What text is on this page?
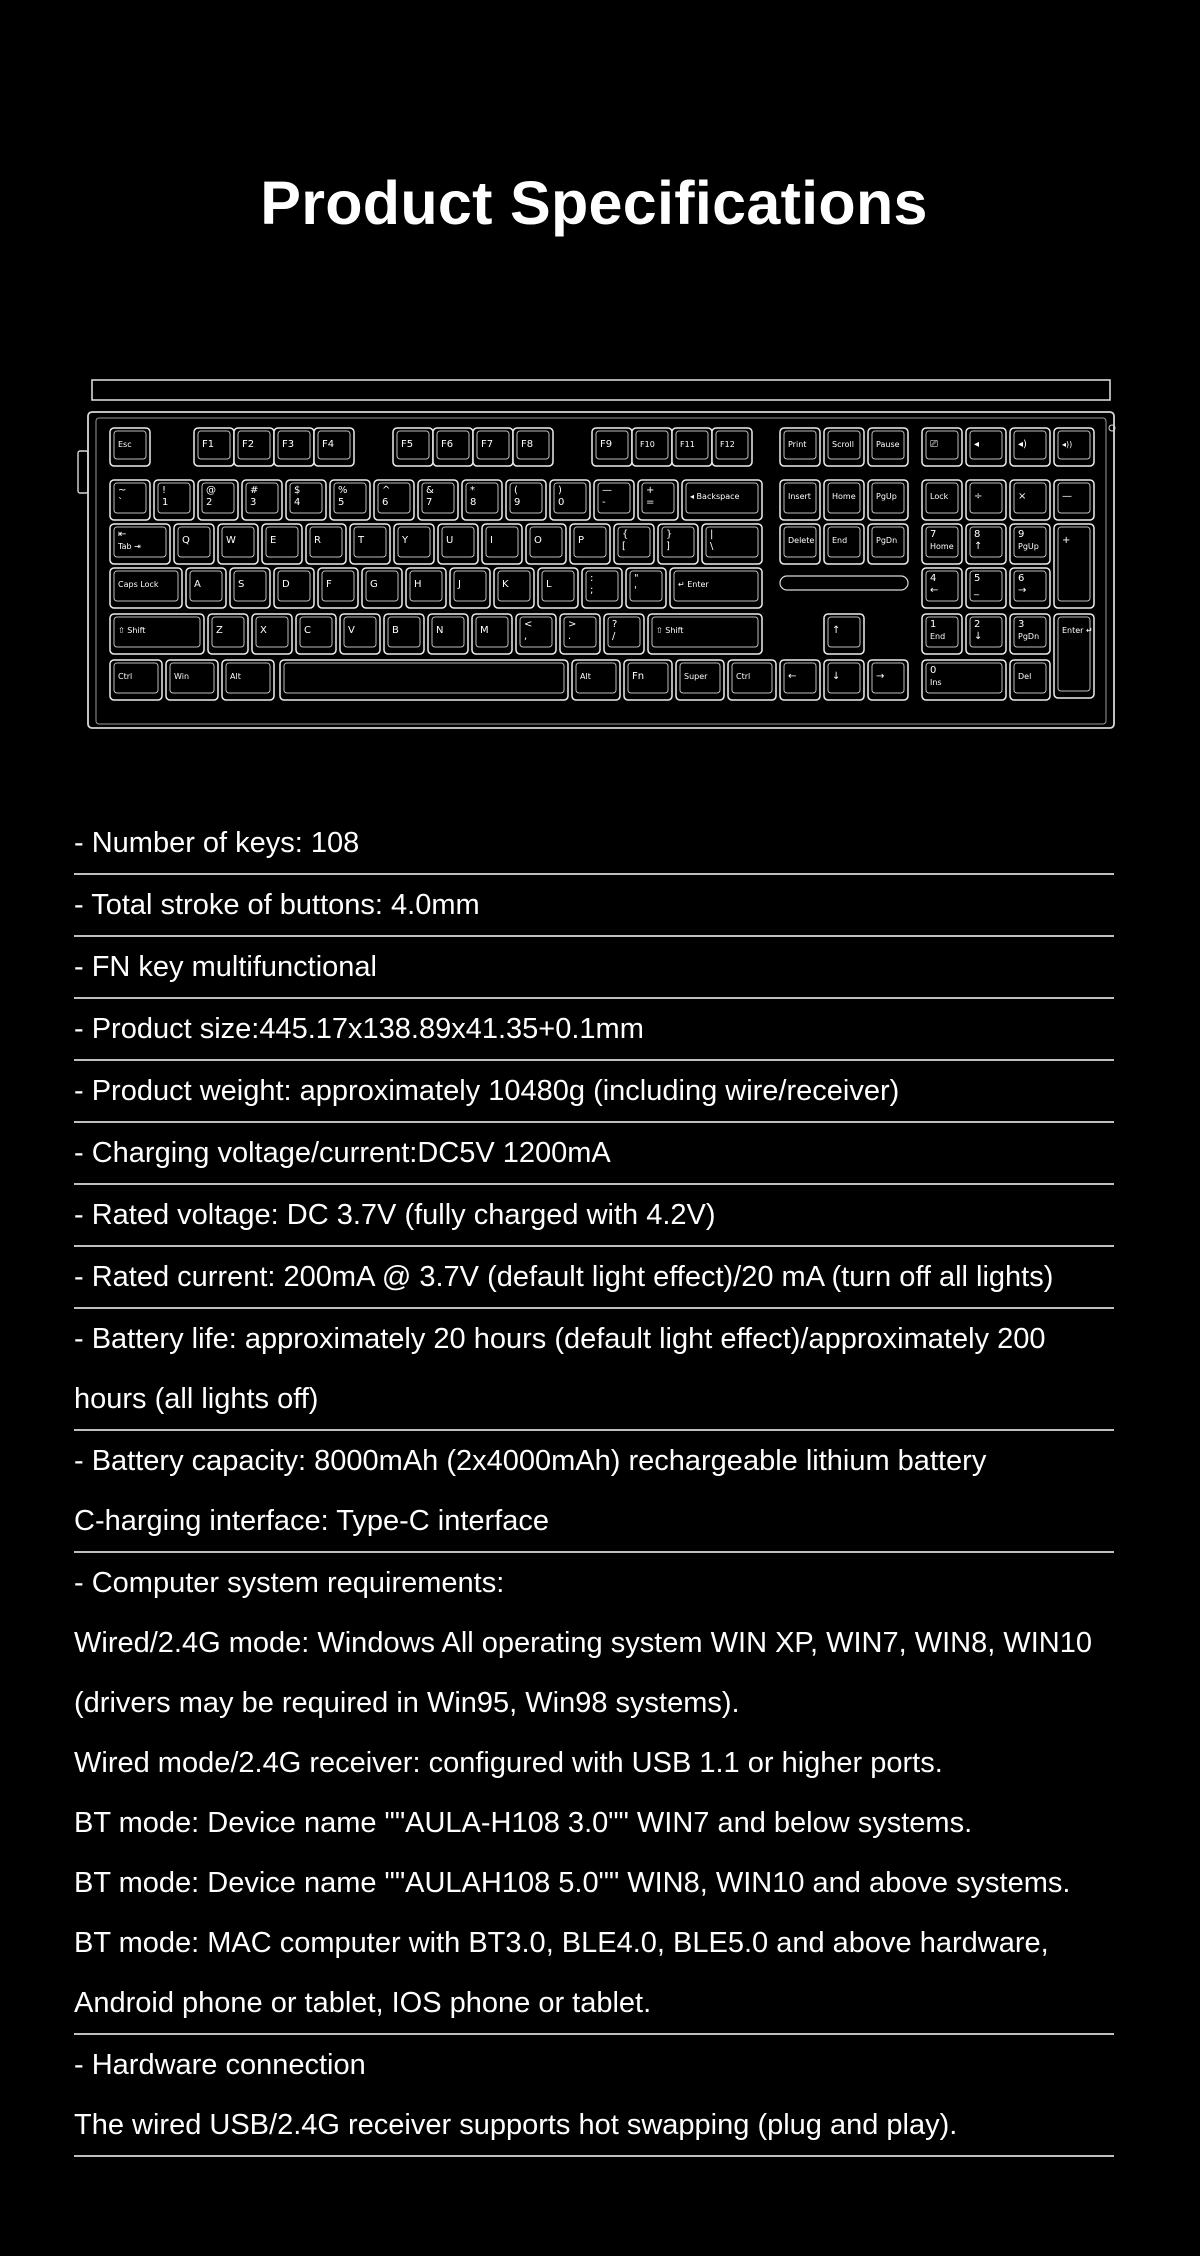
Product Specifications
Esc	F1	F2	F3	F4	F5	F6	F7	F8	F9	F10	F11	F12	Print	Scroll	Pause	⎚	◂	◂)	◂))
~
`
!
1
@
2
#
3
$
4
%
5
^
6
&
7
*
8
(
9
)
0
—
-
+
=
◂ Backspace	Insert	Home	PgUp	Lock	÷	×	—
⇤
Tab ⇥
Q	W	E	R	T	Y	U	I	O	P
{
[
}
]
|
\
Delete End	PgDn
7
Home
8
↑
9
PgUp
+
Caps Lock	A	S	D	F	G	H	J	K	L
:
;
"
'
↵ Enter
4
←
5
_
6
→
⇧ Shift	Z	X	C	V	B	N	M
<
,
>
.
?
/
⇧ Shift	↑
1
End
2
↓
3
PgDn
Enter ↵
Ctrl	Win	Alt	Alt	Fn	Super	Ctrl	←	↓	→
0
Ins
Del
- Number of keys: 108
- Total stroke of buttons: 4.0mm
- FN key multifunctional
- Product size:445.17x138.89x41.35+0.1mm
- Product weight: approximately 10480g (including wire/receiver)
- Charging voltage/current:DC5V 1200mA
- Rated voltage: DC 3.7V (fully charged with 4.2V)
- Rated current: 200mA @ 3.7V (default light effect)/20 mA (turn off all lights)
- Battery life: approximately 20 hours (default light effect)/approximately 200
hours (all lights off)
- Battery capacity: 8000mAh (2x4000mAh) rechargeable lithium battery
C-harging interface: Type-C interface
- Computer system requirements:
Wired/2.4G mode: Windows All operating system WIN XP, WIN7, WIN8, WIN10
(drivers may be required in Win95, Win98 systems).
Wired mode/2.4G receiver: configured with USB 1.1 or higher ports.
BT mode: Device name ""AULA-H108 3.0"" WIN7 and below systems.
BT mode: Device name ""AULAH108 5.0"" WIN8, WIN10 and above systems.
BT mode: MAC computer with BT3.0, BLE4.0, BLE5.0 and above hardware,
Android phone or tablet, IOS phone or tablet.
- Hardware connection
The wired USB/2.4G receiver supports hot swapping (plug and play).
